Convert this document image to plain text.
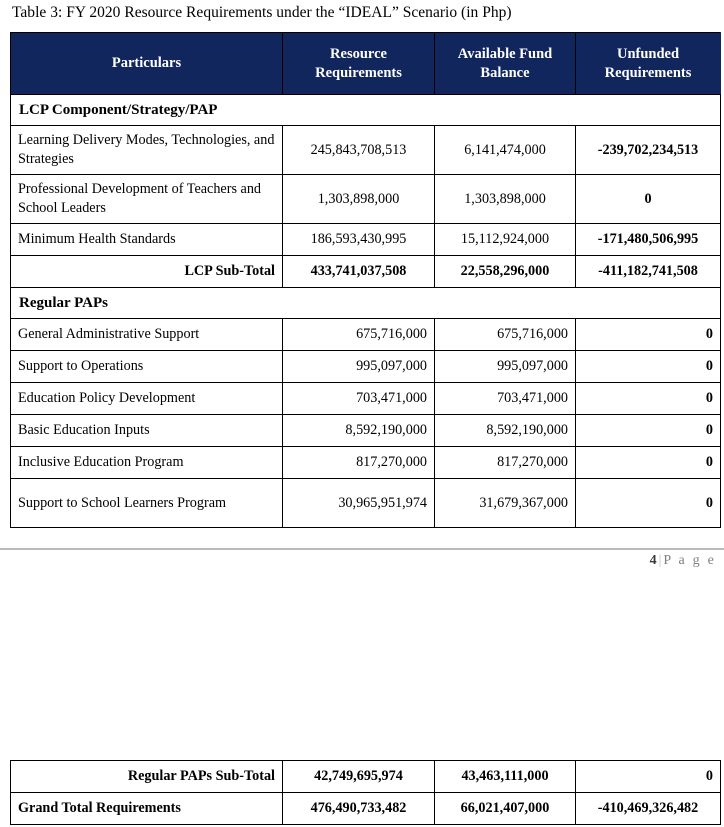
Table 3: FY 2020 Resource Requirements under the “IDEAL” Scenario (in Php)
Particulars	Resource Requirements	Available Fund Balance	Unfunded Requirements
LCP Component/Strategy/PAP			
Learning Delivery Modes, Technologies, and Strategies	245,843,708,513	6,141,474,000	-239,702,234,513
Professional Development of Teachers and School Leaders	1,303,898,000	1,303,898,000	0
Minimum Health Standards	186,593,430,995	15,112,924,000	-171,480,506,995
LCP Sub-Total	433,741,037,508	22,558,296,000	-411,182,741,508
Regular PAPs			
General Administrative Support	675,716,000	675,716,000	0
Support to Operations	995,097,000	995,097,000	0
Education Policy Development	703,471,000	703,471,000	0
Basic Education Inputs	8,592,190,000	8,592,190,000	0
Inclusive Education Program	817,270,000	817,270,000	0
Support to School Learners Program	30,965,951,974	31,679,367,000	0
4 | P a g e
Regular PAPs Sub-Total	42,749,695,974	43,463,111,000	0
Grand Total Requirements	476,490,733,482	66,021,407,000	-410,469,326,482
